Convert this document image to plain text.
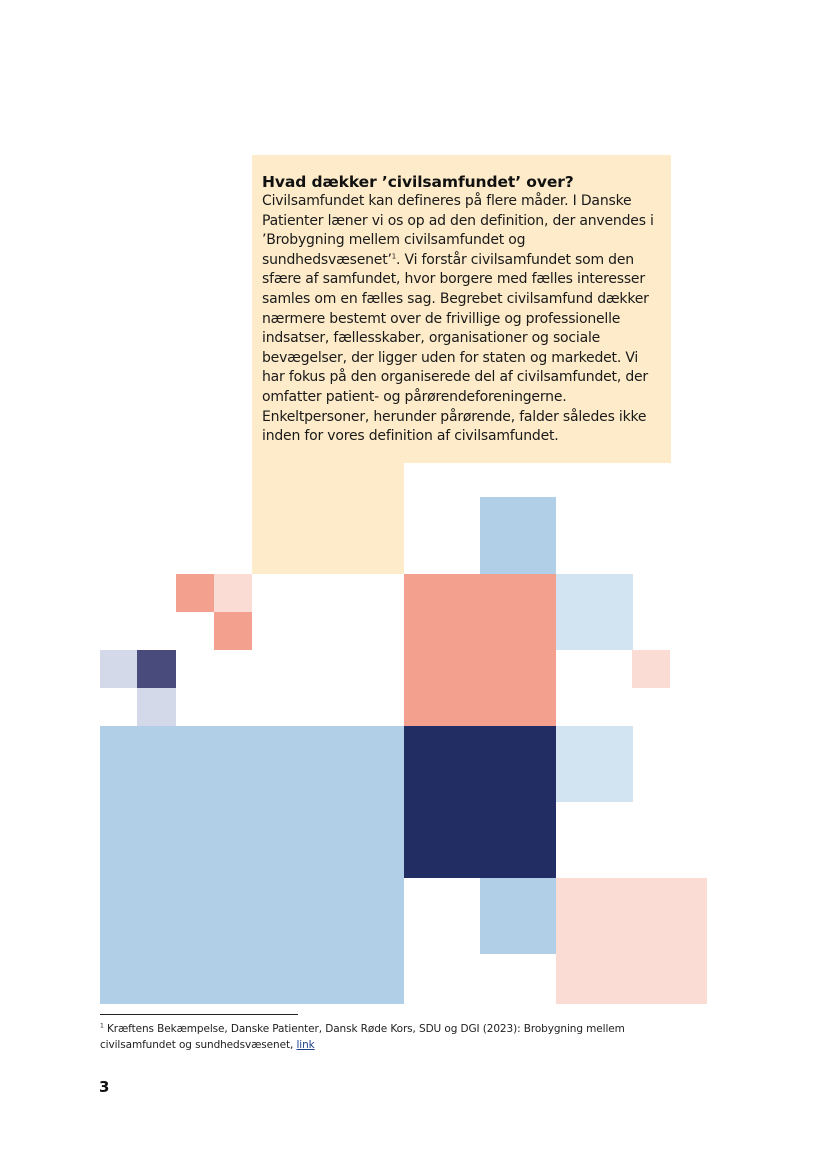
Hvad dækker ’civilsamfundet’ over?

Civilsamfundet kan defineres på flere måder. I Danske Patienter læner vi os op ad den definition, der anvendes i ’Brobygning mellem civilsamfundet og sundhedsvæsenet’$^1$. Vi forstår civilsamfundet som den sfære af samfundet, hvor borgere med fælles interesser samles om en fælles sag. Begrebet civilsamfund dækker nærmere bestemt over de frivillige og professionelle indsatser, fællesskaber, organisationer og sociale bevægelser, der ligger uden for staten og markedet. Vi har fokus på den organiserede del af civilsamfundet, der omfatter patient- og pårørendeforeningerne. Enkeltpersoner, herunder pårørende, falder således ikke inden for vores definition af civilsamfundet.

$^1$ Kræftens Bekæmpelse, Danske Patienter, Dansk Røde Kors, SDU og DGI (2023): Brobygning mellem civilsamfundet og sundhedsvæsenet, link

3
